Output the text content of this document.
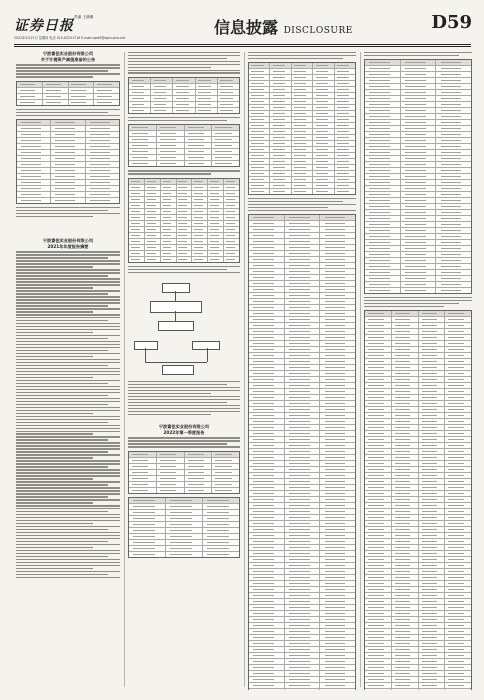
证券日报
责编 王晨曦
2022年4月21日 星期四 电话 010-83251716 E-mail:zqrb9@zqrb.sina.net
信息披露 DISCLOSURE	D59
宁波富佳实业股份有限公司
关于计提资产减值准备的公告
宁波富佳实业股份有限公司
2021年年度报告摘要
宁波富佳实业股份有限公司
2022年第一季度报告
